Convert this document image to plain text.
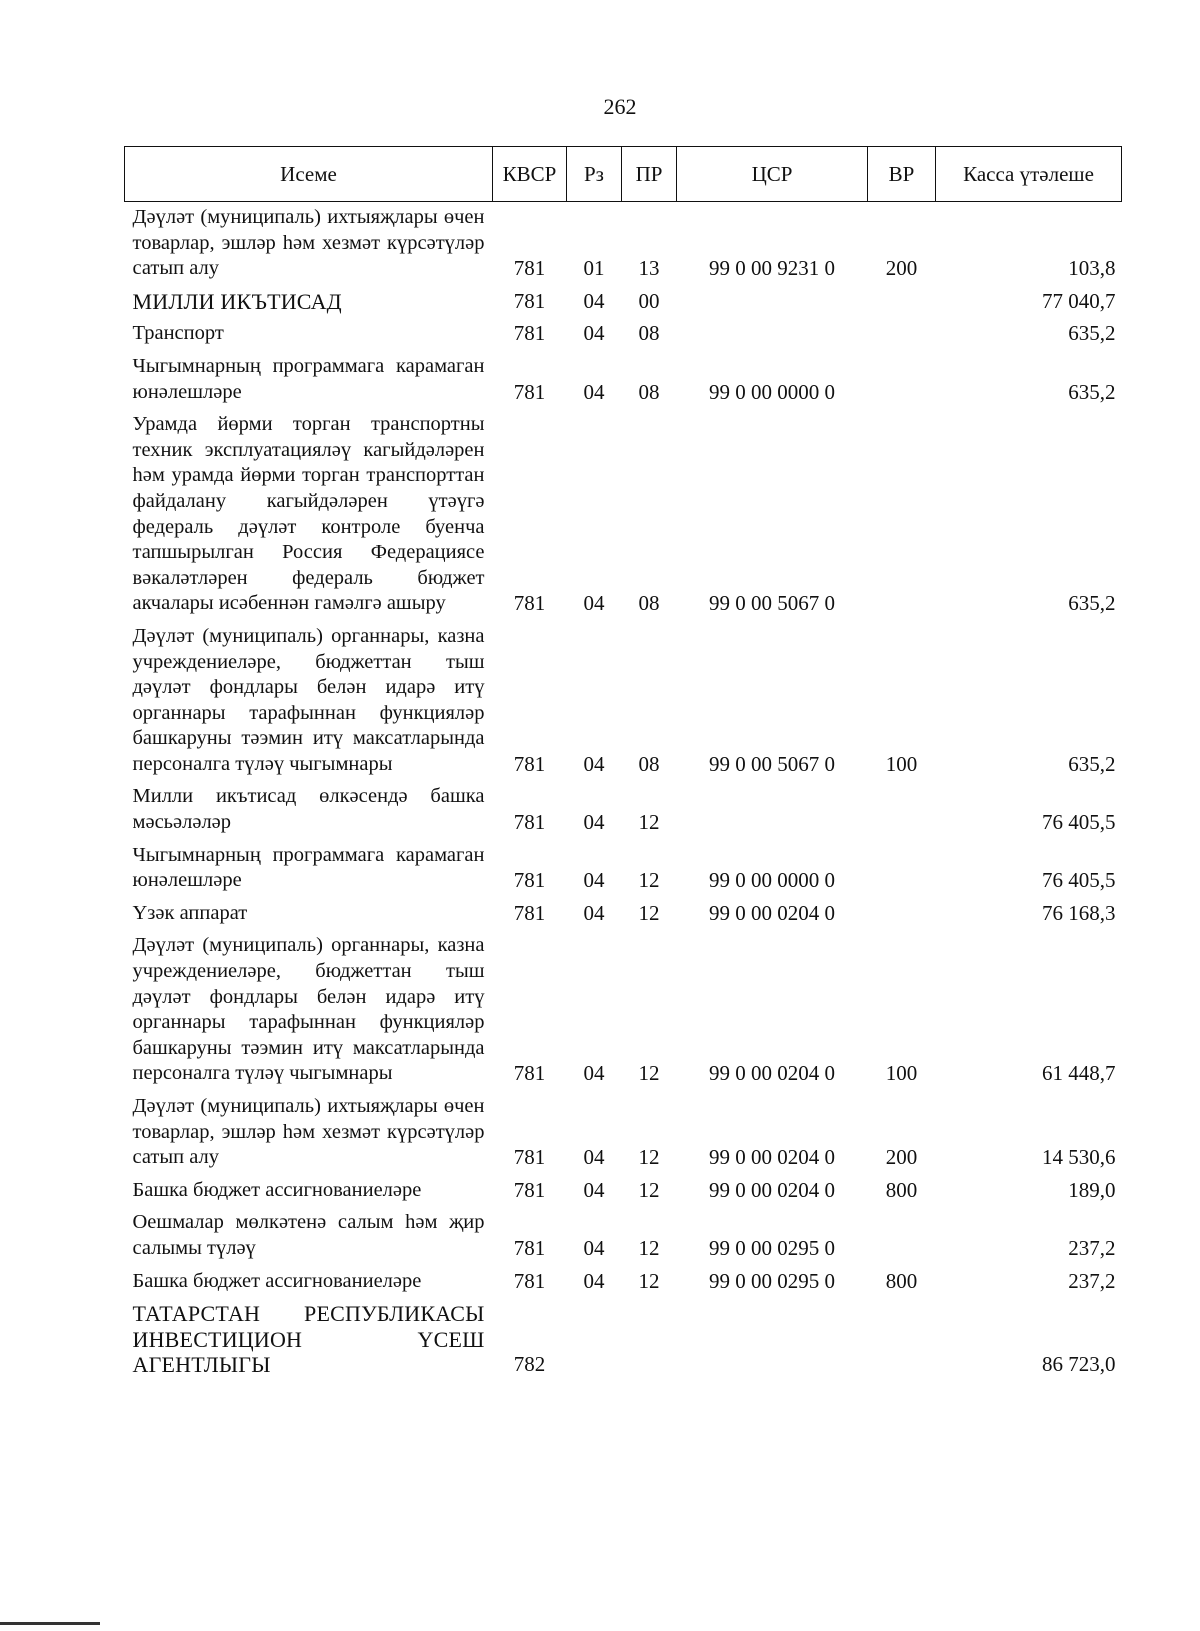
262
Исеме	КВСР	Рз	ПР	ЦСР	ВР	Касса үтәлеше
Дәүләт (муниципаль) ихтыяҗлары өчен товарлар, эшләр һәм хезмәт күрсәтүләр сатып алу	781	01	13	99 0 00 9231 0	200	103,8
МИЛЛИ ИКЪТИСАД	781	04	00			77 040,7
Транспорт	781	04	08			635,2
Чыгымнарның программага карамаган юнәлешләре	781	04	08	99 0 00 0000 0		635,2
Урамда йөрми торган транспортны техник эксплуатацияләү кагыйдәләрен һәм урамда йөрми торган транспорттан файдалану кагыйдәләрен үтәүгә федераль дәүләт контроле буенча тапшырылган Россия Федерациясе вәкаләтләрен федераль бюджет акчалары исәбеннән гамәлгә ашыру	781	04	08	99 0 00 5067 0		635,2
Дәүләт (муниципаль) органнары, казна учреждениеләре, бюджеттан тыш дәүләт фондлары белән идарә итү органнары тарафыннан функцияләр башкаруны тәэмин итү максатларында персоналга түләү чыгымнары	781	04	08	99 0 00 5067 0	100	635,2
Милли икътисад өлкәсендә башка мәсьәләләр	781	04	12			76 405,5
Чыгымнарның программага карамаган юнәлешләре	781	04	12	99 0 00 0000 0		76 405,5
Үзәк аппарат	781	04	12	99 0 00 0204 0		76 168,3
Дәүләт (муниципаль) органнары, казна учреждениеләре, бюджеттан тыш дәүләт фондлары белән идарә итү органнары тарафыннан функцияләр башкаруны тәэмин итү максатларында персоналга түләү чыгымнары	781	04	12	99 0 00 0204 0	100	61 448,7
Дәүләт (муниципаль) ихтыяҗлары өчен товарлар, эшләр һәм хезмәт күрсәтүләр сатып алу	781	04	12	99 0 00 0204 0	200	14 530,6
Башка бюджет ассигнованиеләре	781	04	12	99 0 00 0204 0	800	189,0
Оешмалар мөлкәтенә салым һәм җир салымы түләү	781	04	12	99 0 00 0295 0		237,2
Башка бюджет ассигнованиеләре	781	04	12	99 0 00 0295 0	800	237,2
ТАТАРСТАН РЕСПУБЛИКАСЫ ИНВЕСТИЦИОН ҮСЕШ АГЕНТЛЫГЫ	782					86 723,0
